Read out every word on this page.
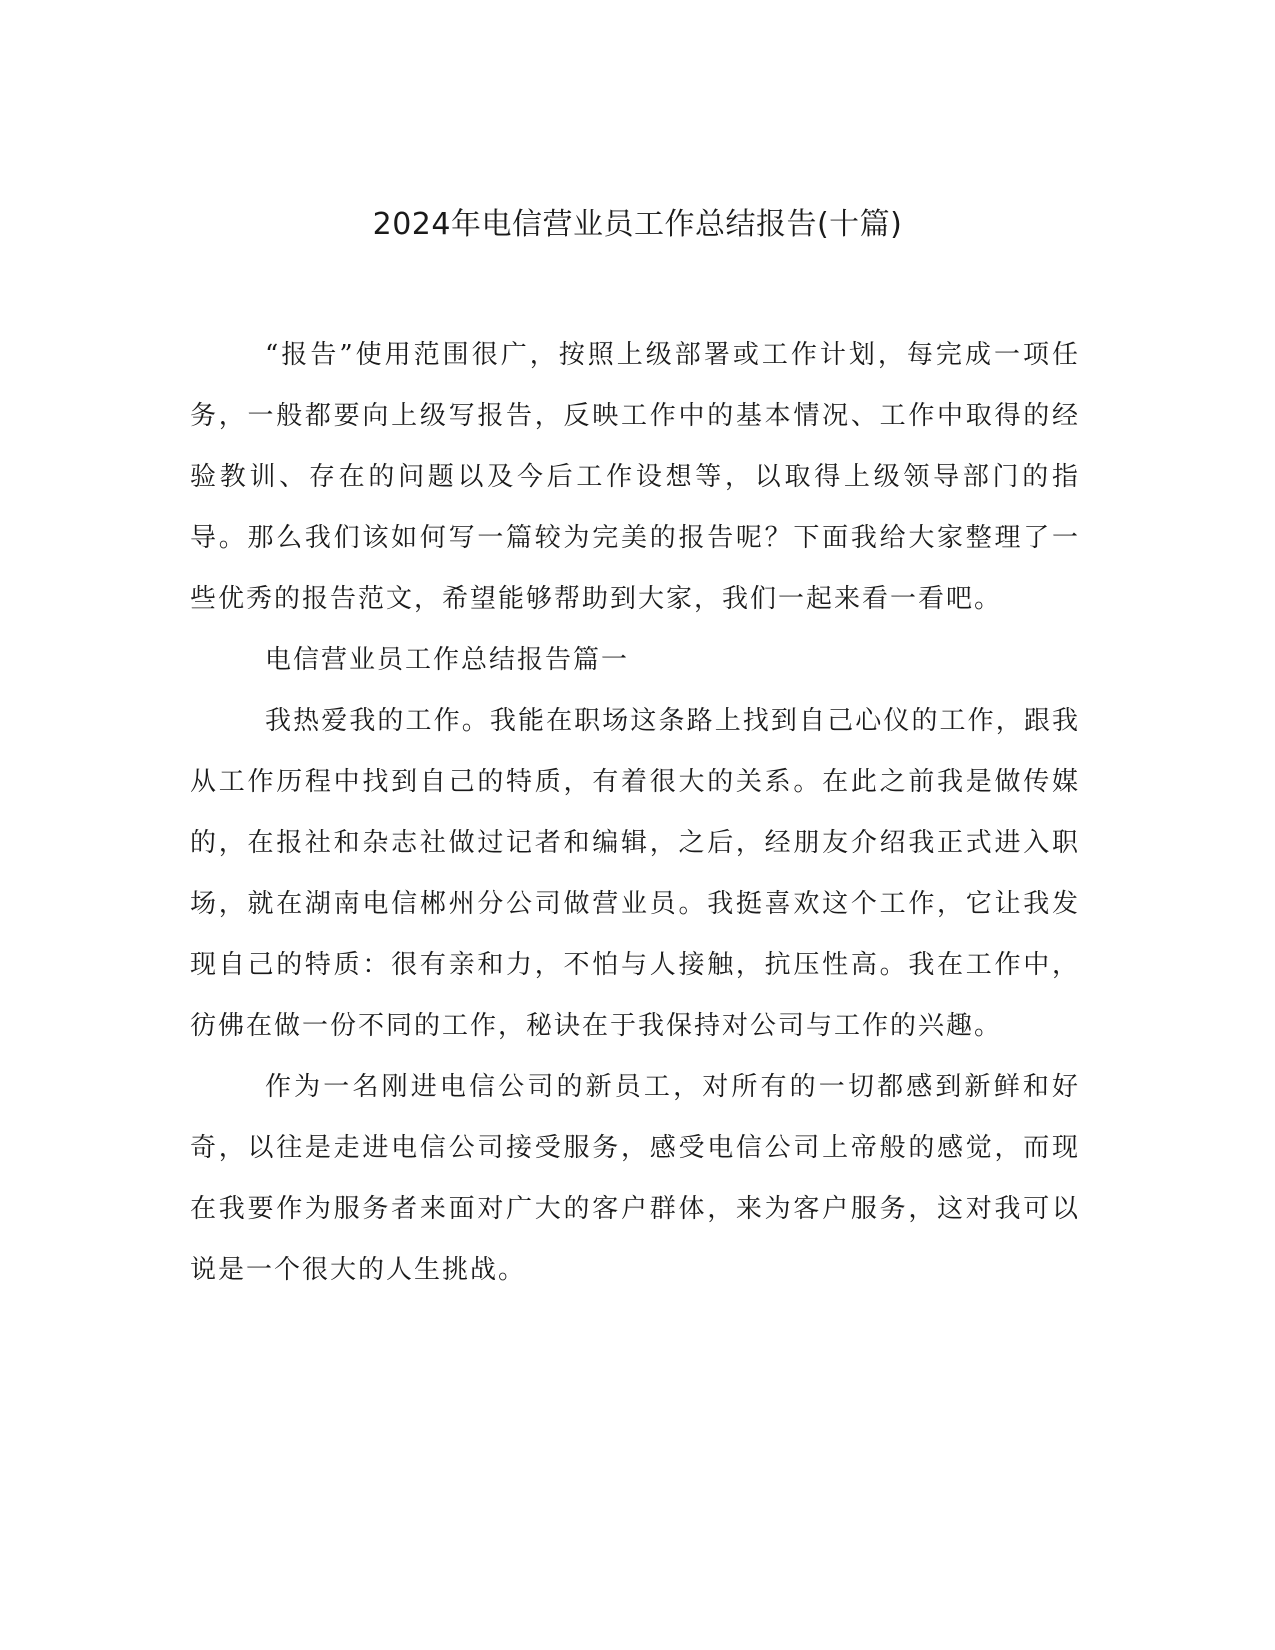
2024年电信营业员工作总结报告(十篇)

“报告”使用范围很广，按照上级部署或工作计划，每完成一项任务，一般都要向上级写报告，反映工作中的基本情况、工作中取得的经验教训、存在的问题以及今后工作设想等，以取得上级领导部门的指导。那么我们该如何写一篇较为完美的报告呢？下面我给大家整理了一些优秀的报告范文，希望能够帮助到大家，我们一起来看一看吧。

电信营业员工作总结报告篇一

我热爱我的工作。我能在职场这条路上找到自己心仪的工作，跟我从工作历程中找到自己的特质，有着很大的关系。在此之前我是做传媒的，在报社和杂志社做过记者和编辑，之后，经朋友介绍我正式进入职场，就在湖南电信郴州分公司做营业员。我挺喜欢这个工作，它让我发现自己的特质：很有亲和力，不怕与人接触，抗压性高。我在工作中，彷佛在做一份不同的工作，秘诀在于我保持对公司与工作的兴趣。

作为一名刚进电信公司的新员工，对所有的一切都感到新鲜和好奇，以往是走进电信公司接受服务，感受电信公司上帝般的感觉，而现在我要作为服务者来面对广大的客户群体，来为客户服务，这对我可以说是一个很大的人生挑战。
